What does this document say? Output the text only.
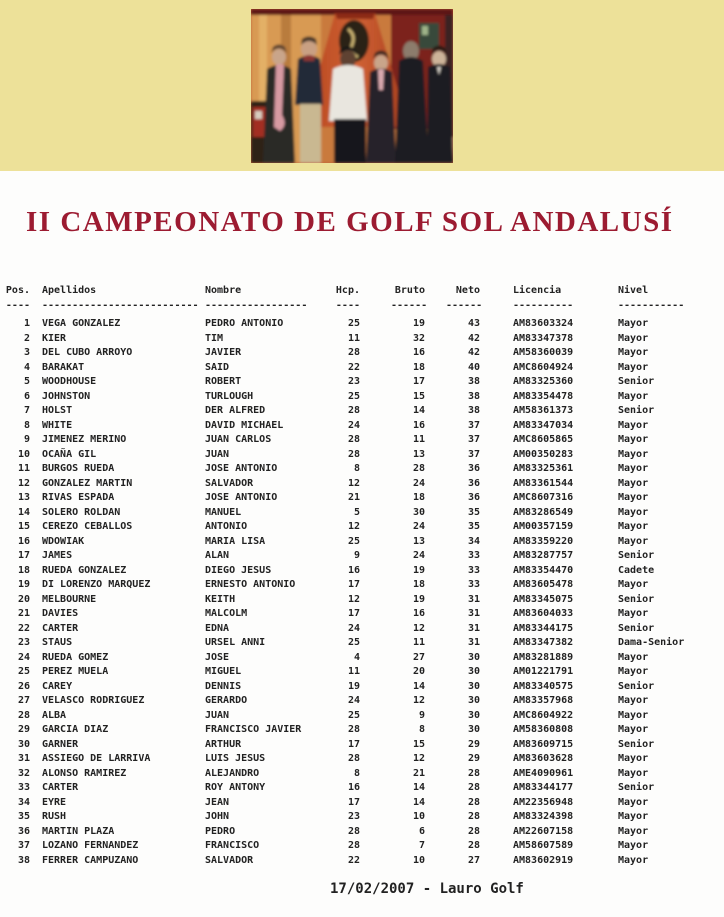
II CAMPEONATO DE GOLF SOL ANDALUSÍ
Pos. Apellidos	Nombre	Hcp.	Bruto	Neto	Licencia	Nivel
---- -------------------------- -----------------	----	------ ------	----------	-----------
1 VEGA GONZALEZ	PEDRO ANTONIO	25	19	43	AM83603324	Mayor
2 KIER	TIM	11	32	42	AM83347378	Mayor
3 DEL CUBO ARROYO	JAVIER	28	16	42	AM58360039	Mayor
4 BARAKAT	SAID	22	18	40	AMC8604924	Mayor
5 WOODHOUSE	ROBERT	23	17	38	AM83325360	Senior
6 JOHNSTON	TURLOUGH	25	15	38	AM83354478	Mayor
7 HOLST	DER ALFRED	28	14	38	AM58361373	Senior
8 WHITE	DAVID MICHAEL	24	16	37	AM83347034	Mayor
9 JIMENEZ MERINO	JUAN CARLOS	28	11	37	AMC8605865	Mayor
10 OCAÑA GIL	JUAN	28	13	37	AM00350283	Mayor
11 BURGOS RUEDA	JOSE ANTONIO	8	28	36	AM83325361	Mayor
12 GONZALEZ MARTIN	SALVADOR	12	24	36	AM83361544	Mayor
13 RIVAS ESPADA	JOSE ANTONIO	21	18	36	AMC8607316	Mayor
14 SOLERO ROLDAN	MANUEL	5	30	35	AM83286549	Mayor
15 CEREZO CEBALLOS	ANTONIO	12	24	35	AM00357159	Mayor
16 WDOWIAK	MARIA LISA	25	13	34	AM83359220	Mayor
17 JAMES	ALAN	9	24	33	AM83287757	Senior
18 RUEDA GONZALEZ	DIEGO JESUS	16	19	33	AM83354470	Cadete
19 DI LORENZO MARQUEZ	ERNESTO ANTONIO	17	18	33	AM83605478	Mayor
20 MELBOURNE	KEITH	12	19	31	AM83345075	Senior
21 DAVIES	MALCOLM	17	16	31	AM83604033	Mayor
22 CARTER	EDNA	24	12	31	AM83344175	Senior
23 STAUS	URSEL ANNI	25	11	31	AM83347382	Dama-Senior
24 RUEDA GOMEZ	JOSE	4	27	30	AM83281889	Mayor
25 PEREZ MUELA	MIGUEL	11	20	30	AM01221791	Mayor
26 CAREY	DENNIS	19	14	30	AM83340575	Senior
27 VELASCO RODRIGUEZ	GERARDO	24	12	30	AM83357968	Mayor
28 ALBA	JUAN	25	9	30	AMC8604922	Mayor
29 GARCIA DIAZ	FRANCISCO JAVIER	28	8	30	AM58360808	Mayor
30 GARNER	ARTHUR	17	15	29	AM83609715	Senior
31 ASSIEGO DE LARRIVA	LUIS JESUS	28	12	29	AM83603628	Mayor
32 ALONSO RAMIREZ	ALEJANDRO	8	21	28	AME4090961	Mayor
33 CARTER	ROY ANTONY	16	14	28	AM83344177	Senior
34 EYRE	JEAN	17	14	28	AM22356948	Mayor
35 RUSH	JOHN	23	10	28	AM83324398	Mayor
36 MARTIN PLAZA	PEDRO	28	6	28	AM22607158	Mayor
37 LOZANO FERNANDEZ	FRANCISCO	28	7	28	AM58607589	Mayor
38 FERRER CAMPUZANO	SALVADOR	22	10	27	AM83602919	Mayor
17/02/2007 - Lauro Golf
